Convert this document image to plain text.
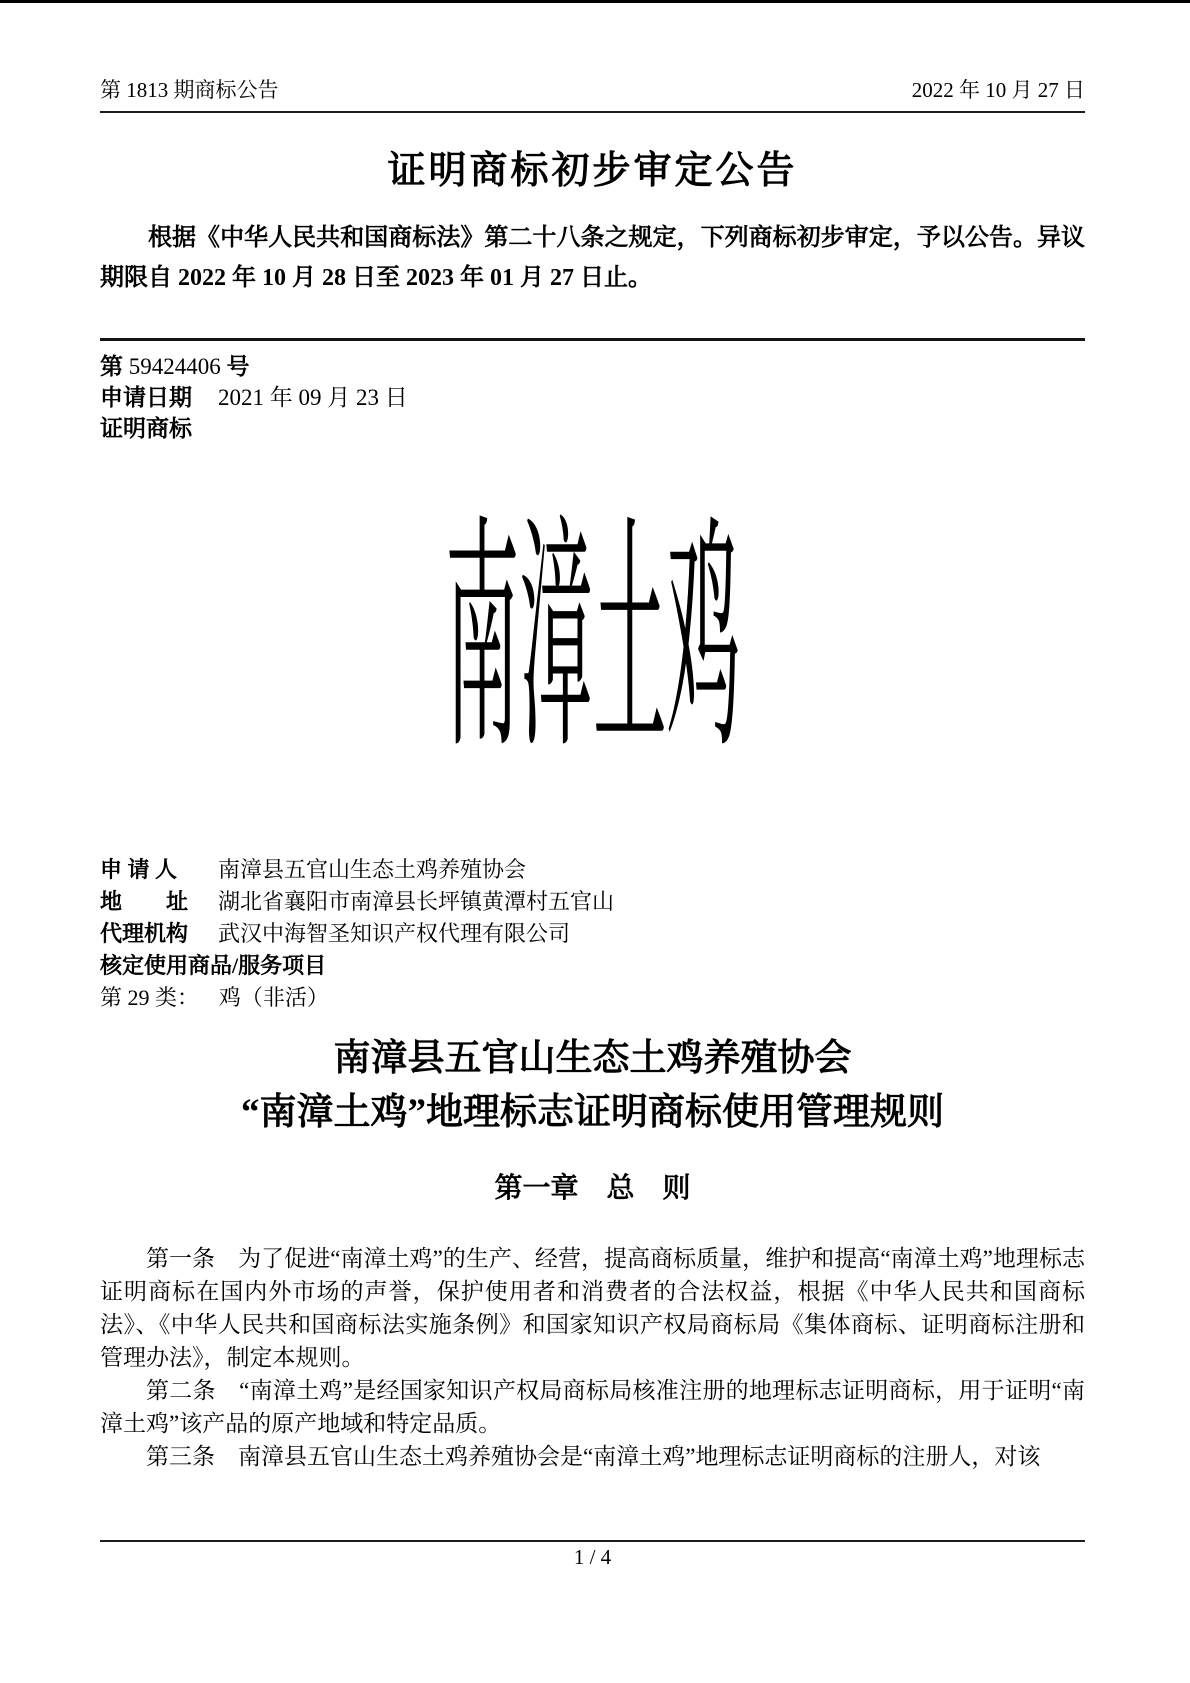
第 1813 期商标公告	2022 年 10 月 27 日
证明商标初步审定公告

根据《中华人民共和国商标法》第二十八条之规定，下列商标初步审定，予以公告。异议期限自 2022 年 10 月 28 日至 2023 年 01 月 27 日止。

第 59424406 号
申请日期 2021 年 09 月 23 日
证明商标
南漳土鸡
申 请 人	南漳县五官山生态土鸡养殖协会
地　　址	湖北省襄阳市南漳县长坪镇黄潭村五官山
代理机构	武汉中海智圣知识产权代理有限公司
核定使用商品/服务项目
第 29 类： 鸡（非活）
南漳县五官山生态土鸡养殖协会
“南漳土鸡”地理标志证明商标使用管理规则
第一章　总　则

第一条　为了促进“南漳土鸡”的生产、经营，提高商标质量，维护和提高“南漳土鸡”地理标志证明商标在国内外市场的声誉，保护使用者和消费者的合法权益，根据《中华人民共和国商标法》、《中华人民共和国商标法实施条例》和国家知识产权局商标局《集体商标、证明商标注册和管理办法》，制定本规则。

第二条　“南漳土鸡”是经国家知识产权局商标局核准注册的地理标志证明商标，用于证明“南漳土鸡”该产品的原产地域和特定品质。

第三条　南漳县五官山生态土鸡养殖协会是“南漳土鸡”地理标志证明商标的注册人，对该

1 / 4
